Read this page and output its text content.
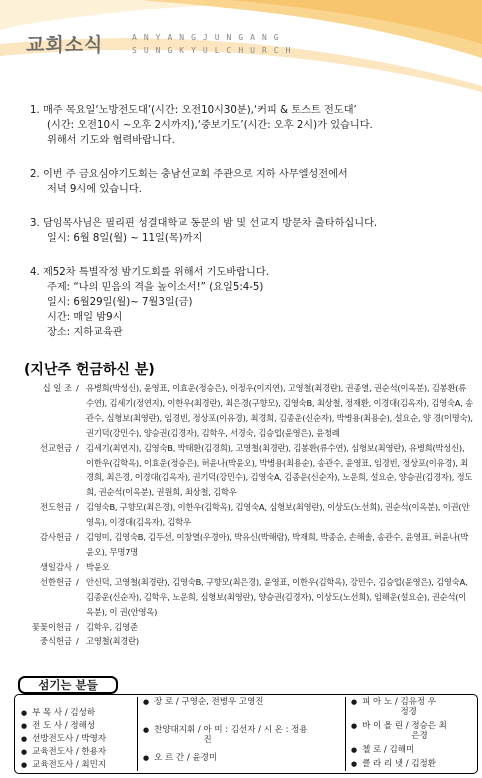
교회소식	ANYANGJUNGANG
SUNGKYULCHURCH
1. 매주 목요일‘노방전도대’(시간: 오전10시30분),‘커피 & 토스트 전도대’
(시간: 오전10시 ~오후 2시까지),‘중보기도’(시간: 오후 2시)가 있습니다.
위해서 기도와 협력바랍니다.
2. 이번 주 금요심야기도회는 충남선교회 주관으로 지하 사무엘성전에서
저녁 9시에 있습니다.
3. 담임목사님은 필리핀 성결대학교 동문의 밤 및 선교지 방문차 출타하십니다.
일시: 6월 8일(월) ~ 11일(목)까지
4. 제52차 특별작정 밤기도회를 위해서 기도바랍니다.
주제: “나의 믿음의 격을 높이소서!” (요일5:4-5)
일시: 6월29일(월)~ 7월3일(금)
시간: 매일 밤9시
장소: 지하교육관
(지난주 헌금하신 분)
십 일 조 / 유병희(박성신), 윤영표, 이효운(정승은), 이정우(이지연), 고영철(최경란), 권종열, 권순석(이옥분), 김봉환(류수연), 김세기(정연지), 이한우(최경란), 최은경(구향모), 김영숙B, 최상철, 정재환, 이경대(김옥자), 김영숙A, 송관수, 심형보(최영란), 임경빈, 정상포(이유경), 최경희, 김종운(신순자), 박병용(최용순), 설요순, 양 경(이명숙), 권기덕(강민수), 양승권(김경자), 김학우, 서경숙, 김승업(윤영은), 윤청례
선교헌금 / 김세기(최연지), 김영숙B, 박태환(김경희), 고영철(최경란), 김봉환(류수연), 심형보(최영란), 유병희(박성신), 이한우(김학옥), 이효운(정승은), 허윤나(박윤오), 박병용(최용순), 송관수, 윤영표, 임경빈, 정상포(이유경), 최경희, 최은경, 이경대(김옥자), 권기덕(강민수), 김영숙A, 김종운(신순자), 노운희, 설요순, 양승권(김경자), 정도희, 권순석(이옥분), 권원희, 최상철, 김학우
전도헌금 / 김영숙B, 구향모(최은경), 이한우(김학옥), 김영숙A, 심형보(최영란), 이상도(노선희), 권순석(이옥분), 이권(안영옥), 이경대(김옥자), 김학우
감사헌금 / 김영미, 김영숙B, 김두선, 이창열(우경아), 박유신(박해람), 박재희, 박종순, 손해솔, 송관수, 윤영표, 허윤나(박윤오), 무명7명
생일감사 / 박윤오
선한헌금 / 안신덕, 고영철(최경란), 김영숙B, 구향모(최은경), 윤영표, 이한우(김학옥), 강민수, 김승업(윤영은), 김영숙A, 김종운(신순자), 김학우, 노운희, 심형보(최영란), 양승권(김경자), 이상도(노선희), 임해운(설요순), 권순석(이옥분), 이 권(안영옥)
꽃꽂이헌금 / 김학우, 김영준
중식헌금 / 고영철(최경란)
섬기는 분들
● 부 목 사 / 김성하
● 전 도 사 / 정해성
● 선방전도사 / 박영자
● 교육전도사 / 한용자
● 교육전도사 / 최민지
● 장 로 / 구영순, 전병우 고영진
● 찬양대지휘 / 아 미 : 김선자 / 시 온 : 정용진
● 오 르 간 / 윤경미
● 피 아 노 / 김유정 우정경
● 바 이 올 린 / 정승은 최은경
● 첼 로 / 김해미
● 클 라 리 넷 / 김정환
